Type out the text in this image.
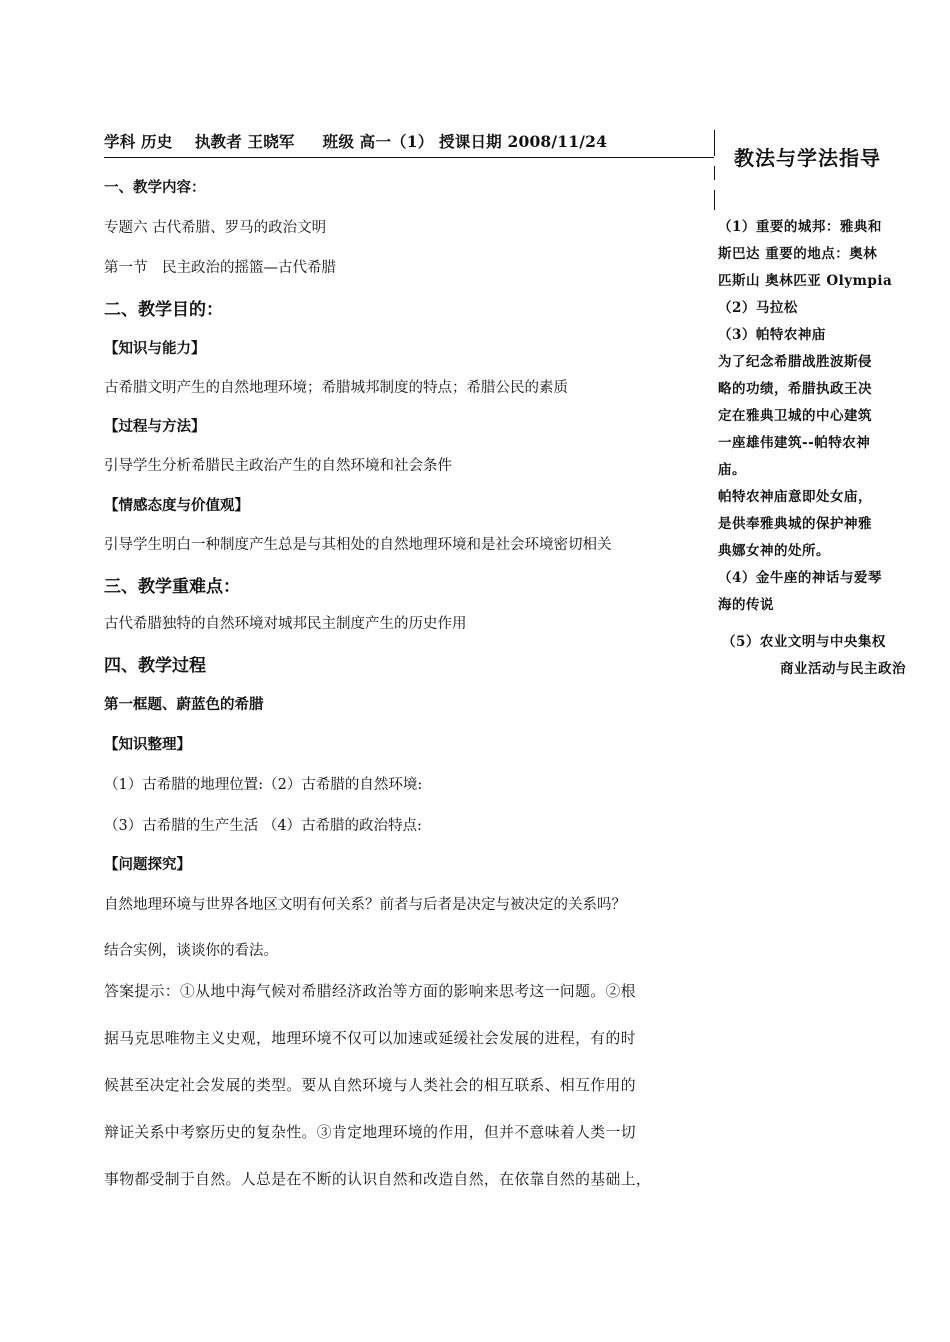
学科 历史 执教者 王晓军 班级 高一（1） 授课日期 2008/11/24
一、教学内容：
专题六 古代希腊、罗马的政治文明
第一节　民主政治的摇篮—古代希腊
二、教学目的：
【知识与能力】
古希腊文明产生的自然地理环境；希腊城邦制度的特点；希腊公民的素质
【过程与方法】
引导学生分析希腊民主政治产生的自然环境和社会条件
【情感态度与价值观】
引导学生明白一种制度产生总是与其相处的自然地理环境和是社会环境密切相关
三、教学重难点：
古代希腊独特的自然环境对城邦民主制度产生的历史作用
四、教学过程
第一框题、蔚蓝色的希腊
【知识整理】
（1）古希腊的地理位置:（2）古希腊的自然环境:
（3）古希腊的生产生活 （4）古希腊的政治特点:
【问题探究】
自然地理环境与世界各地区文明有何关系？前者与后者是决定与被决定的关系吗？
结合实例，谈谈你的看法。
答案提示：①从地中海气候对希腊经济政治等方面的影响来思考这一问题。②根
据马克思唯物主义史观，地理环境不仅可以加速或延缓社会发展的进程，有的时
候甚至决定社会发展的类型。要从自然环境与人类社会的相互联系、相互作用的
辩证关系中考察历史的复杂性。③肯定地理环境的作用，但并不意味着人类一切
事物都受制于自然。人总是在不断的认识自然和改造自然，在依靠自然的基础上，
教法与学法指导
（1）重要的城邦：雅典和
斯巴达 重要的地点：奥林
匹斯山 奥林匹亚 Olympia
（2）马拉松
（3）帕特农神庙
为了纪念希腊战胜波斯侵
略的功绩，希腊执政王决
定在雅典卫城的中心建筑
一座雄伟建筑--帕特农神
庙。
帕特农神庙意即处女庙，
是供奉雅典城的保护神雅
典娜女神的处所。
（4）金牛座的神话与爱琴
海的传说
（5）农业文明与中央集权
商业活动与民主政治
